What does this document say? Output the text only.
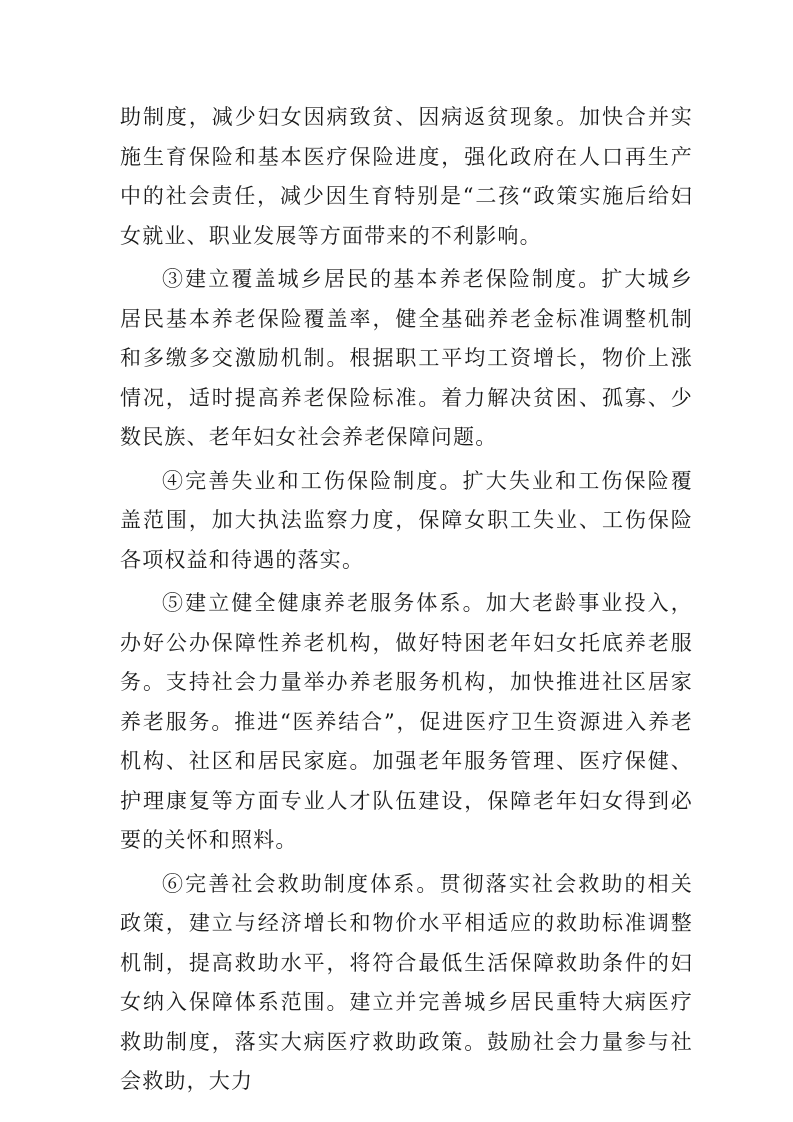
助制度，减少妇女因病致贫、因病返贫现象。加快合并实施生育保险和基本医疗保险进度，强化政府在人口再生产中的社会责任，减少因生育特别是“二孩“政策实施后给妇女就业、职业发展等方面带来的不利影响。

③建立覆盖城乡居民的基本养老保险制度。扩大城乡居民基本养老保险覆盖率，健全基础养老金标准调整机制和多缴多交激励机制。根据职工平均工资增长，物价上涨情况，适时提高养老保险标准。着力解决贫困、孤寡、少数民族、老年妇女社会养老保障问题。

④完善失业和工伤保险制度。扩大失业和工伤保险覆盖范围，加大执法监察力度，保障女职工失业、工伤保险各项权益和待遇的落实。

⑤建立健全健康养老服务体系。加大老龄事业投入，办好公办保障性养老机构，做好特困老年妇女托底养老服务。支持社会力量举办养老服务机构，加快推进社区居家养老服务。推进“医养结合”，促进医疗卫生资源进入养老机构、社区和居民家庭。加强老年服务管理、医疗保健、护理康复等方面专业人才队伍建设，保障老年妇女得到必要的关怀和照料。

⑥完善社会救助制度体系。贯彻落实社会救助的相关政策，建立与经济增长和物价水平相适应的救助标准调整机制，提高救助水平，将符合最低生活保障救助条件的妇女纳入保障体系范围。建立并完善城乡居民重特大病医疗救助制度，落实大病医疗救助政策。鼓励社会力量参与社会救助，大力
